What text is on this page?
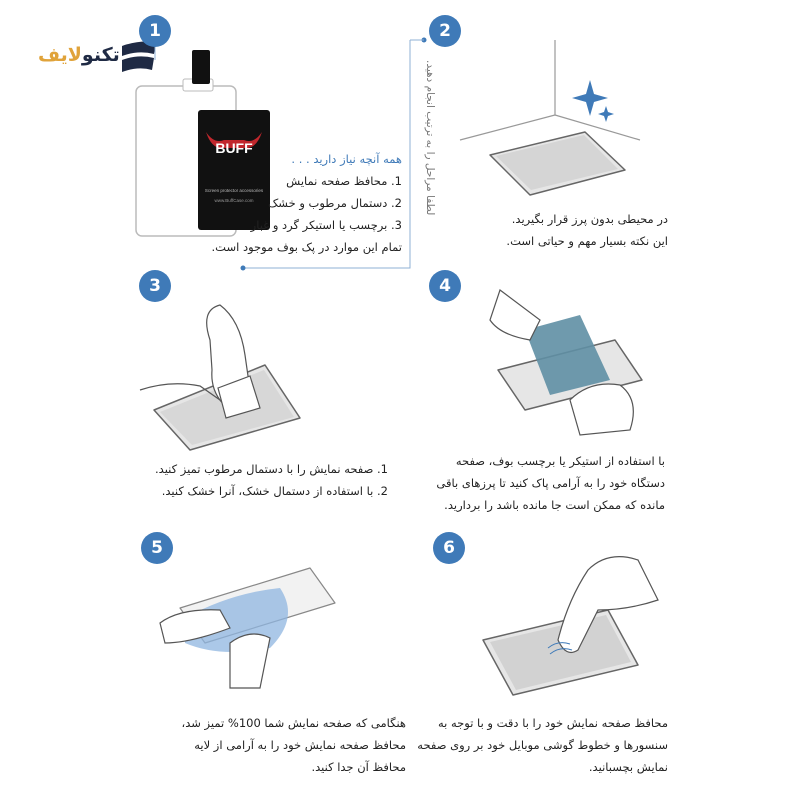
تکنولایف
1
BUFF
Screen protector accessories
www.BuffCase.com
همه آنچه نیاز دارید . . .
1. محافظ صفحه نمایش
2. دستمال مرطوب و خشک
3. برچسب یا استیکر گرد و غبار
تمام این موارد در پک بوف موجود است.
لطفا مراحل را به ترتیب انجام دهید.
2
در محیطی بدون پرز قرار بگیرید.
این نکته بسیار مهم و حیاتی است.
3
1. صفحه نمایش را با دستمال مرطوب تمیز کنید.
2. با استفاده از دستمال خشک، آنرا خشک کنید.
4
با استفاده از استیکر یا برچسب بوف، صفحه
دستگاه خود را به آرامی پاک کنید تا پرزهای باقی
مانده که ممکن است جا مانده باشد را بردارید.
5
هنگامی که صفحه نمایش شما 100% تمیز شد،
محافظ صفحه نمایش خود را به آرامی از لایه
محافظ آن جدا کنید.
6
محافظ صفحه نمایش خود را با دقت و با توجه به
سنسورها و خطوط گوشی موبایل خود بر روی صفحه
نمایش بچسبانید.
